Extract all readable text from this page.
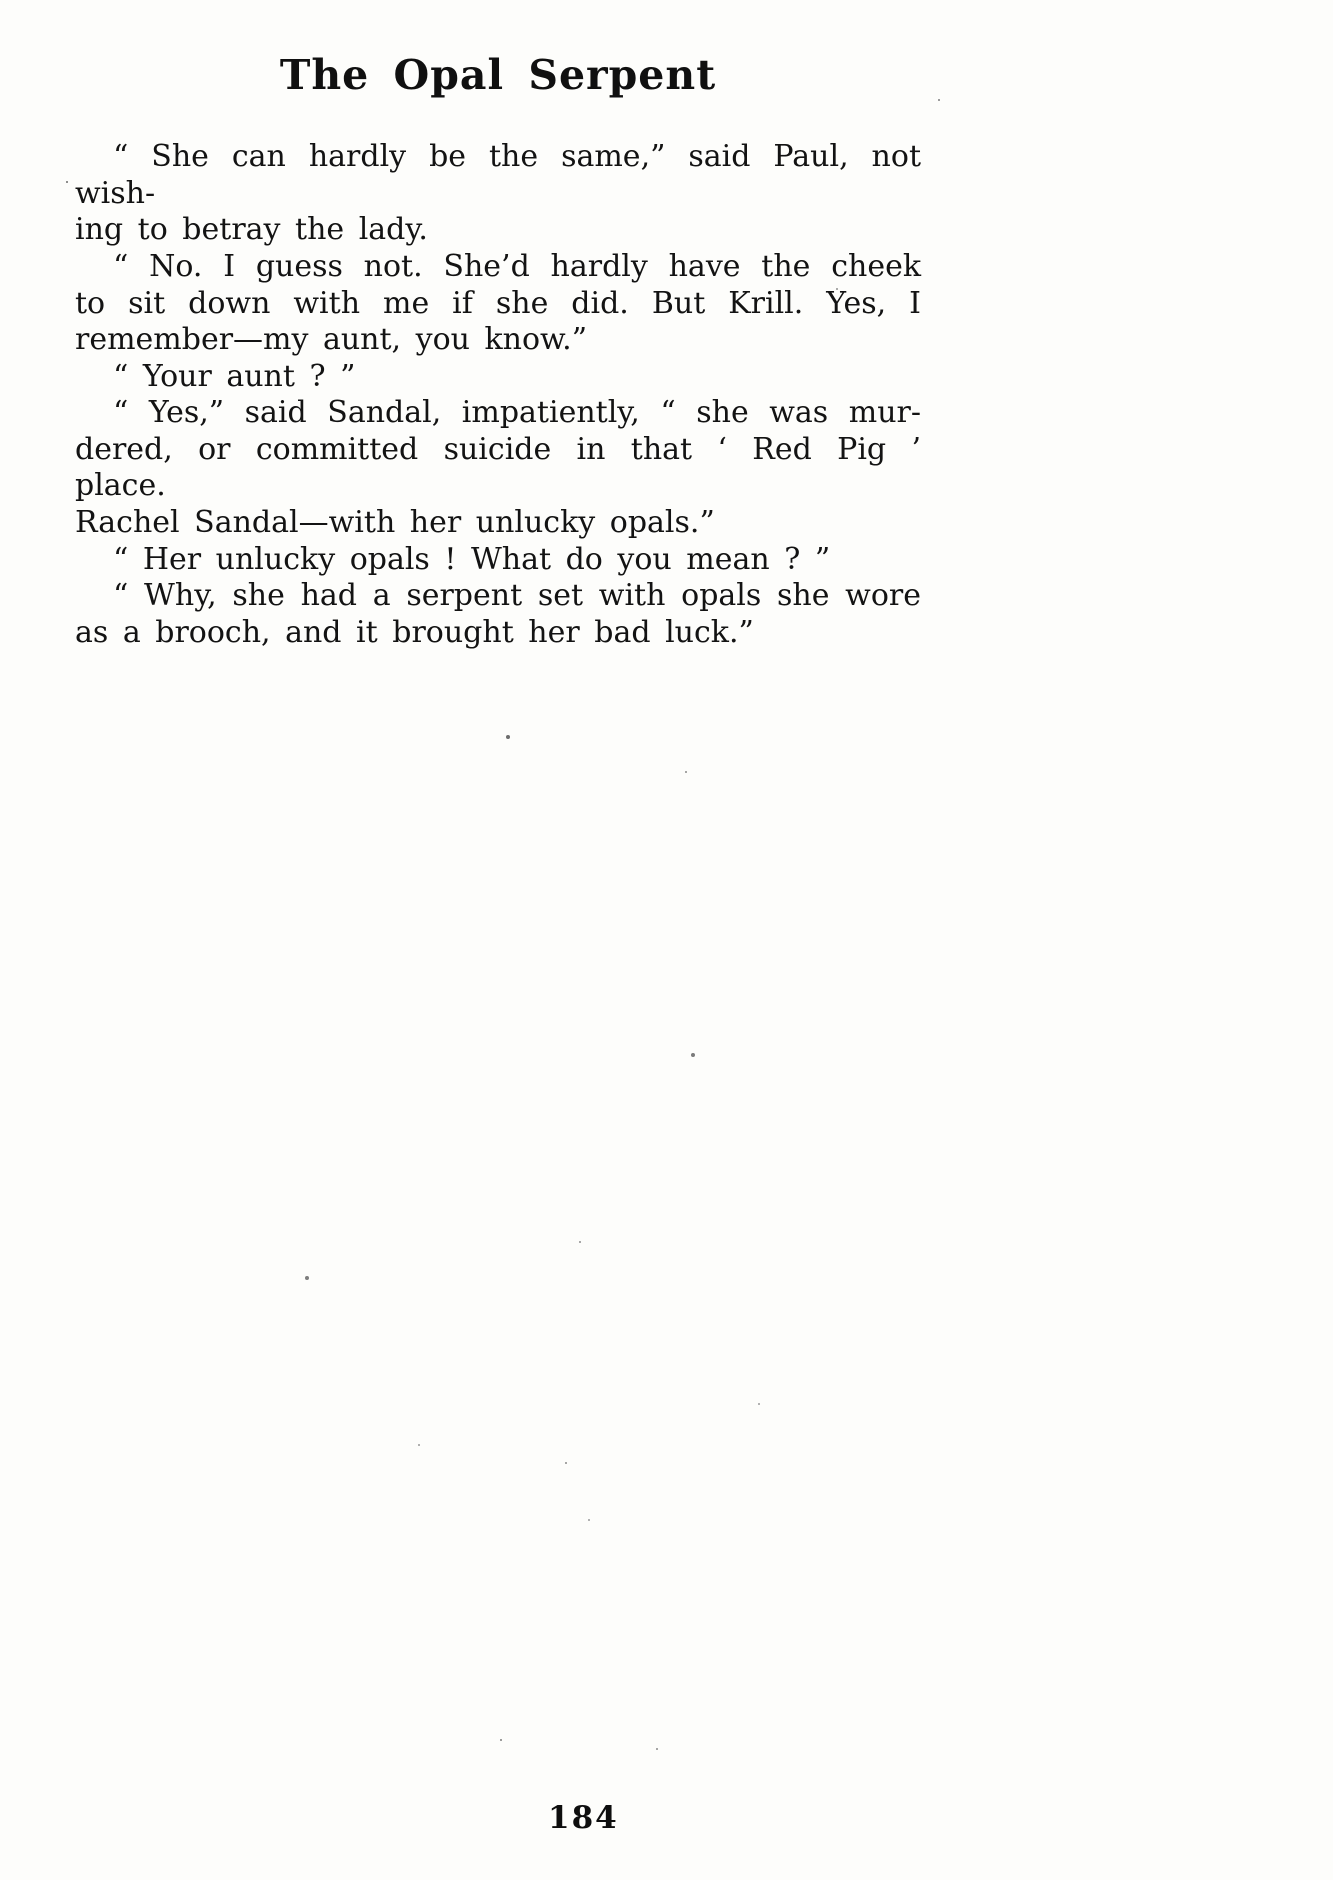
The Opal Serpent
“ She can hardly be the same,” said Paul, not wish-
ing to betray the lady.
“ No. I guess not. She’d hardly have the cheek
to sit down with me if she did. But Krill. Yes, I
remember—my aunt, you know.”
“ Your aunt ? ”
“ Yes,” said Sandal, impatiently, “ she was mur-
dered, or committed suicide in that ‘ Red Pig ’ place.
Rachel Sandal—with her unlucky opals.”
“ Her unlucky opals ! What do you mean ? ”
“ Why, she had a serpent set with opals she wore
as a brooch, and it brought her bad luck.”
184
